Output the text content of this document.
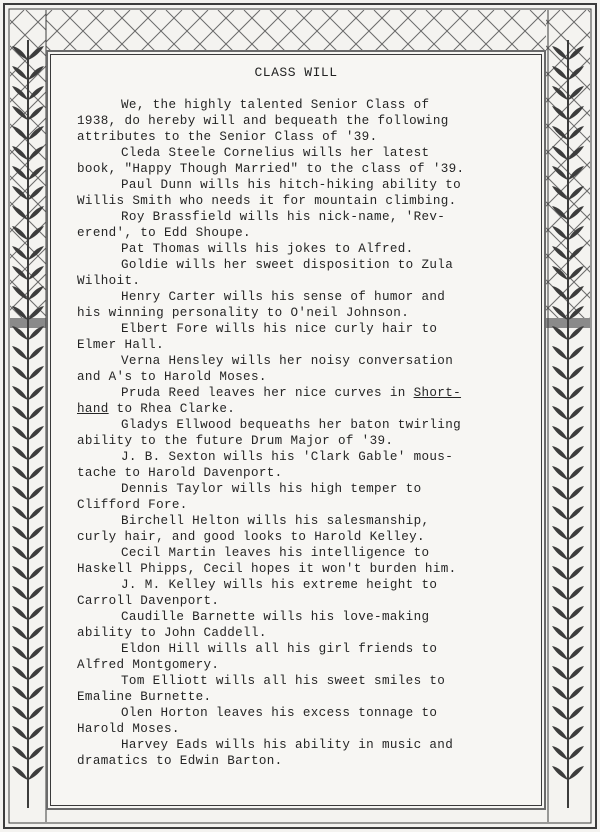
CLASS WILL
We, the highly talented Senior Class of
1938, do hereby will and bequeath the following
attributes to the Senior Class of '39.
Cleda Steele Cornelius wills her latest
book, "Happy Though Married" to the class of '39.
Paul Dunn wills his hitch-hiking ability to
Willis Smith who needs it for mountain climbing.
Roy Brassfield wills his nick-name, 'Rev-
erend', to Edd Shoupe.
Pat Thomas wills his jokes to Alfred.
Goldie wills her sweet disposition to Zula
Wilhoit.
Henry Carter wills his sense of humor and
his winning personality to O'neil Johnson.
Elbert Fore wills his nice curly hair to
Elmer Hall.
Verna Hensley wills her noisy conversation
and A's to Harold Moses.
Pruda Reed leaves her nice curves in Short-
hand to Rhea Clarke.
Gladys Ellwood bequeaths her baton twirling
ability to the future Drum Major of '39.
J. B. Sexton wills his 'Clark Gable' mous-
tache to Harold Davenport.
Dennis Taylor wills his high temper to
Clifford Fore.
Birchell Helton wills his salesmanship,
curly hair, and good looks to Harold Kelley.
Cecil Martin leaves his intelligence to
Haskell Phipps, Cecil hopes it won't burden him.
J. M. Kelley wills his extreme height to
Carroll Davenport.
Caudille Barnette wills his love-making
ability to John Caddell.
Eldon Hill wills all his girl friends to
Alfred Montgomery.
Tom Elliott wills all his sweet smiles to
Emaline Burnette.
Olen Horton leaves his excess tonnage to
Harold Moses.
Harvey Eads wills his ability in music and
dramatics to Edwin Barton.
